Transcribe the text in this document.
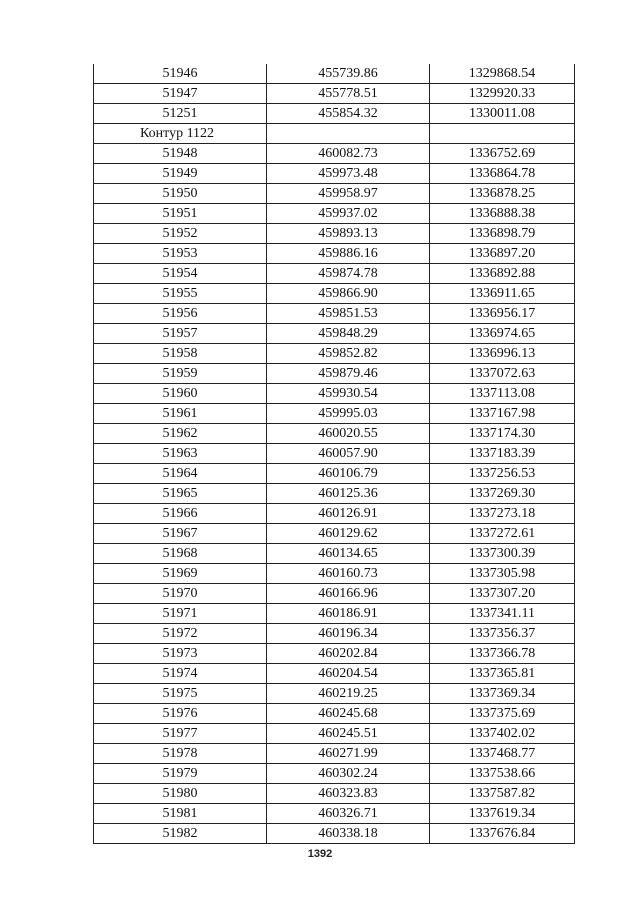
51946	455739.86	1329868.54
51947	455778.51	1329920.33
51251	455854.32	1330011.08
Контур 1122		
51948	460082.73	1336752.69
51949	459973.48	1336864.78
51950	459958.97	1336878.25
51951	459937.02	1336888.38
51952	459893.13	1336898.79
51953	459886.16	1336897.20
51954	459874.78	1336892.88
51955	459866.90	1336911.65
51956	459851.53	1336956.17
51957	459848.29	1336974.65
51958	459852.82	1336996.13
51959	459879.46	1337072.63
51960	459930.54	1337113.08
51961	459995.03	1337167.98
51962	460020.55	1337174.30
51963	460057.90	1337183.39
51964	460106.79	1337256.53
51965	460125.36	1337269.30
51966	460126.91	1337273.18
51967	460129.62	1337272.61
51968	460134.65	1337300.39
51969	460160.73	1337305.98
51970	460166.96	1337307.20
51971	460186.91	1337341.11
51972	460196.34	1337356.37
51973	460202.84	1337366.78
51974	460204.54	1337365.81
51975	460219.25	1337369.34
51976	460245.68	1337375.69
51977	460245.51	1337402.02
51978	460271.99	1337468.77
51979	460302.24	1337538.66
51980	460323.83	1337587.82
51981	460326.71	1337619.34
51982	460338.18	1337676.84
1392
